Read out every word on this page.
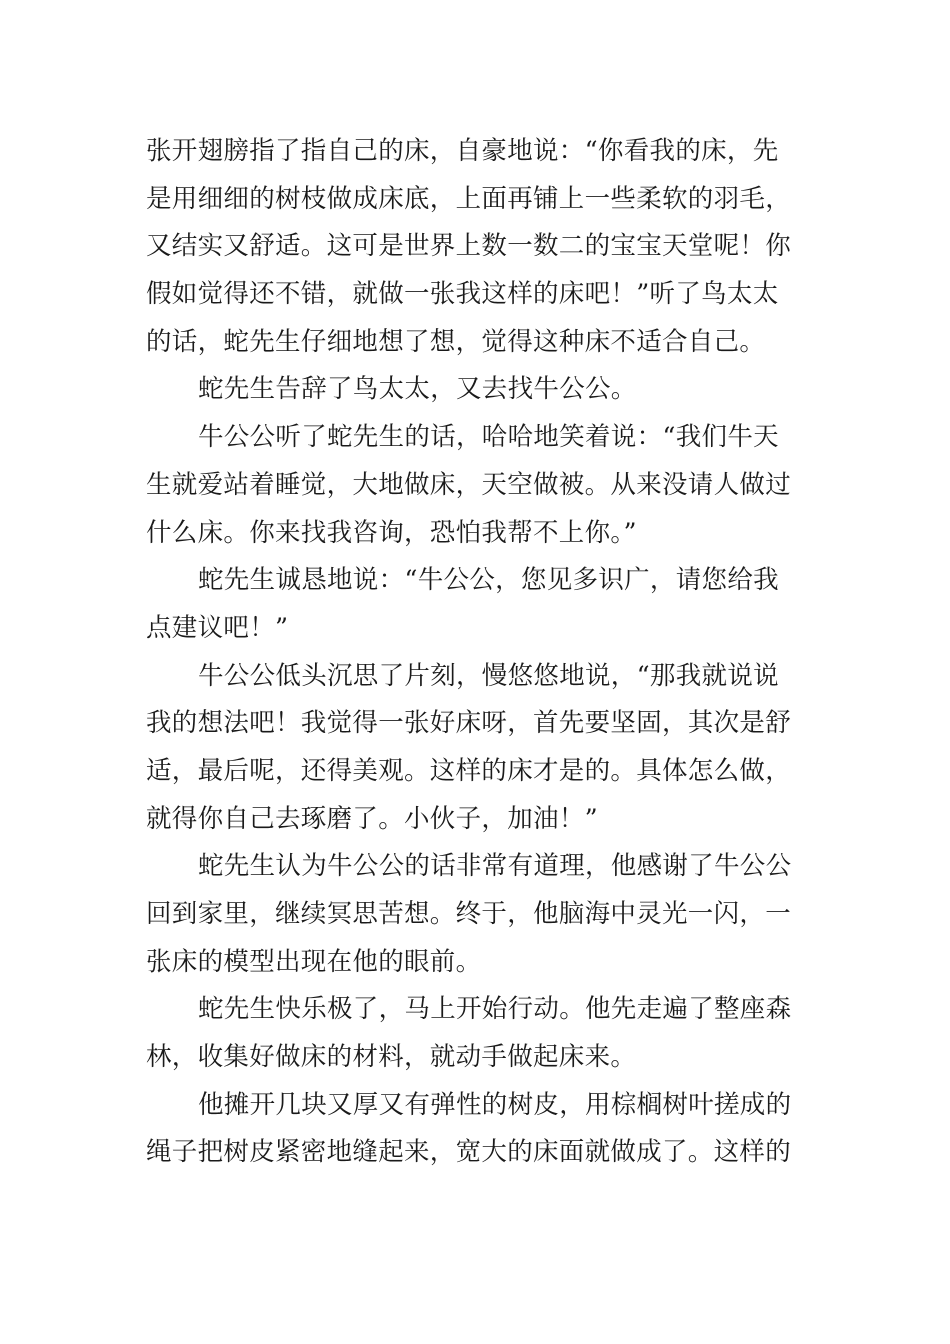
张开翅膀指了指自己的床，自豪地说：“你看我的床，先
是用细细的树枝做成床底，上面再铺上一些柔软的羽毛，
又结实又舒适。这可是世界上数一数二的宝宝天堂呢！你
假如觉得还不错，就做一张我这样的床吧！”听了鸟太太
的话，蛇先生仔细地想了想，觉得这种床不适合自己。
蛇先生告辞了鸟太太，又去找牛公公。
牛公公听了蛇先生的话，哈哈地笑着说：“我们牛天
生就爱站着睡觉，大地做床，天空做被。从来没请人做过
什么床。你来找我咨询，恐怕我帮不上你。”
蛇先生诚恳地说：“牛公公，您见多识广，请您给我
点建议吧！”
牛公公低头沉思了片刻，慢悠悠地说，“那我就说说
我的想法吧！我觉得一张好床呀，首先要坚固，其次是舒
适，最后呢，还得美观。这样的床才是的。具体怎么做，
就得你自己去琢磨了。小伙子，加油！”
蛇先生认为牛公公的话非常有道理，他感谢了牛公公
回到家里，继续冥思苦想。终于，他脑海中灵光一闪，一
张床的模型出现在他的眼前。
蛇先生快乐极了，马上开始行动。他先走遍了整座森
林，收集好做床的材料，就动手做起床来。
他摊开几块又厚又有弹性的树皮，用棕榈树叶搓成的
绳子把树皮紧密地缝起来，宽大的床面就做成了。这样的
